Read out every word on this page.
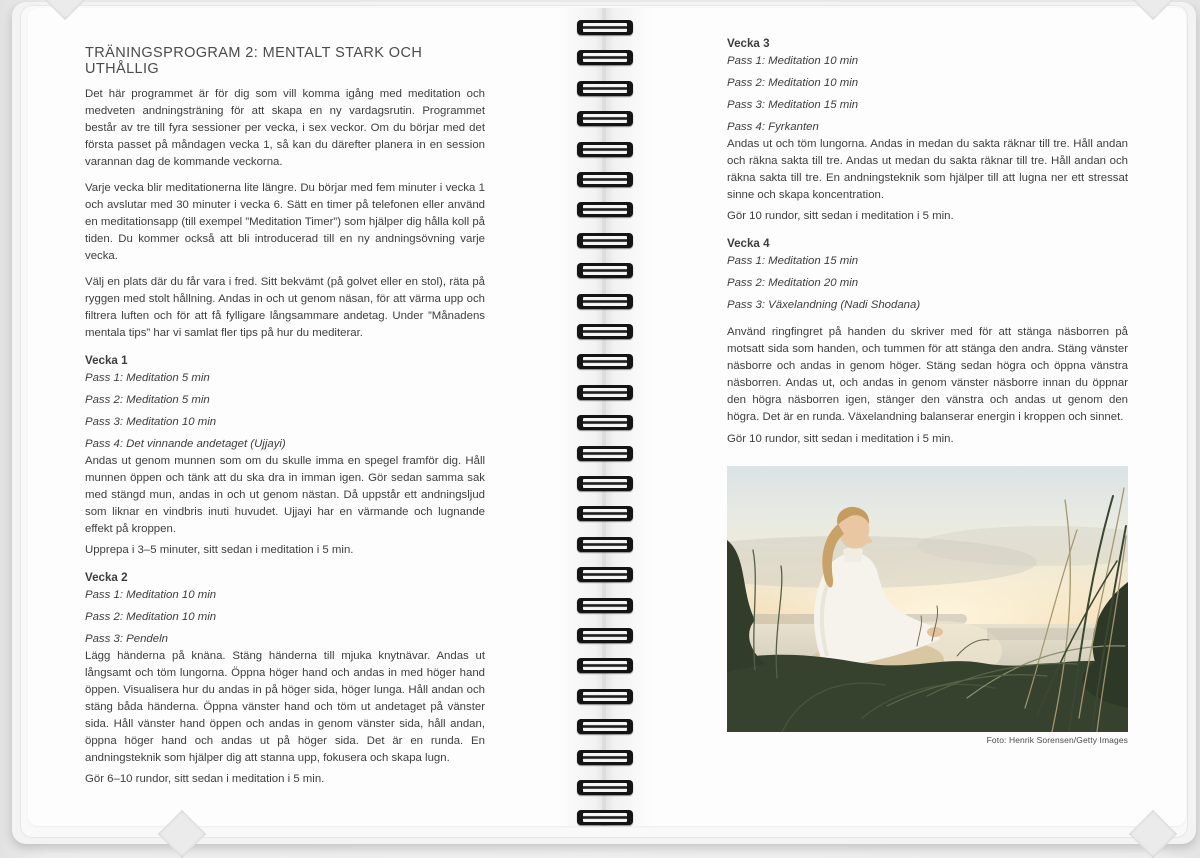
TRÄNINGSPROGRAM 2: MENTALT STARK OCH UTHÅLLIG

Det här programmet är för dig som vill komma igång med meditation och medveten andningsträning för att skapa en ny vardagsrutin. Programmet består av tre till fyra sessioner per vecka, i sex veckor. Om du börjar med det första passet på måndagen vecka 1, så kan du därefter planera in en session varannan dag de kommande veckorna.

Varje vecka blir meditationerna lite längre. Du börjar med fem minuter i vecka 1 och avslutar med 30 minuter i vecka 6. Sätt en timer på telefonen eller använd en meditationsapp (till exempel ”Meditation Timer”) som hjälper dig hålla koll på tiden. Du kommer också att bli introducerad till en ny andningsövning varje vecka.

Välj en plats där du får vara i fred. Sitt bekvämt (på golvet eller en stol), räta på ryggen med stolt hållning. Andas in och ut genom näsan, för att värma upp och filtrera luften och för att få fylligare långsammare andetag. Under ”Månadens mentala tips” har vi samlat fler tips på hur du mediterar.

Vecka 1

Pass 1: Meditation 5 min

Pass 2: Meditation 5 min

Pass 3: Meditation 10 min

Pass 4: Det vinnande andetaget (Ujjayi)

Andas ut genom munnen som om du skulle imma en spegel framför dig. Håll munnen öppen och tänk att du ska dra in imman igen. Gör sedan samma sak med stängd mun, andas in och ut genom nästan. Då uppstår ett andningsljud som liknar en vindbris inuti huvudet. Ujjayi har en värmande och lugnande effekt på kroppen.

Upprepa i 3–5 minuter, sitt sedan i meditation i 5 min.

Vecka 2

Pass 1: Meditation 10 min

Pass 2: Meditation 10 min

Pass 3: Pendeln

Lägg händerna på knäna. Stäng händerna till mjuka knytnävar. Andas ut långsamt och töm lungorna. Öppna höger hand och andas in med höger hand öppen. Visualisera hur du andas in på höger sida, höger lunga. Håll andan och stäng båda händerna. Öppna vänster hand och töm ut andetaget på vänster sida. Håll vänster hand öppen och andas in genom vänster sida, håll andan, öppna höger hand och andas ut på höger sida. Det är en runda. En andningsteknik som hjälper dig att stanna upp, fokusera och skapa lugn.

Gör 6–10 rundor, sitt sedan i meditation i 5 min.

Vecka 3

Pass 1: Meditation 10 min

Pass 2: Meditation 10 min

Pass 3: Meditation 15 min

Pass 4: Fyrkanten

Andas ut och töm lungorna. Andas in medan du sakta räknar till tre. Håll andan och räkna sakta till tre. Andas ut medan du sakta räknar till tre. Håll andan och räkna sakta till tre. En andningsteknik som hjälper till att lugna ner ett stressat sinne och skapa koncentration.

Gör 10 rundor, sitt sedan i meditation i 5 min.

Vecka 4

Pass 1: Meditation 15 min

Pass 2: Meditation 20 min

Pass 3: Växelandning (Nadi Shodana)

Använd ringfingret på handen du skriver med för att stänga näsborren på motsatt sida som handen, och tummen för att stänga den andra. Stäng vänster näsborre och andas in genom höger. Stäng sedan högra och öppna vänstra näsborren. Andas ut, och andas in genom vänster näsborre innan du öppnar den högra näsborren igen, stänger den vänstra och andas ut genom den högra. Det är en runda. Växelandning balanserar energin i kroppen och sinnet.

Gör 10 rundor, sitt sedan i meditation i 5 min.

Foto: Henrik Sorensen/Getty Images
